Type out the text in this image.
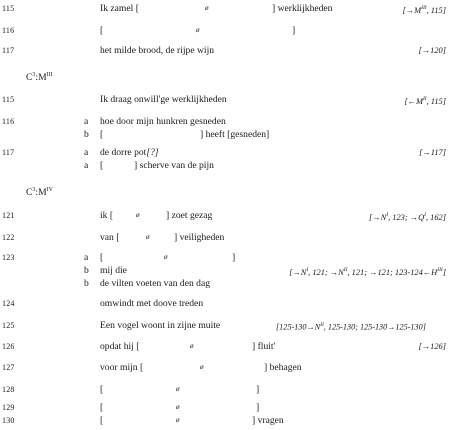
115	Ik zamel [	ø	] werklijkheden	[$\to M^{III}$, 115]
116	[	ø	]
117	het milde brood, de rijpe wijn	[→120]
$C^3:M^{III}$
115	Ik draag onwill'ge werklijkheden	[$\leftarrow M^{II}$, 115]
116	a hoe door mijn hunkren gesneden
b [	] heeft [gesneden]
117	a de dorre pot[?]	[→117]
a [	] scherve van de pijn
$C^3:M^{IV}$
121	ik [	ø	] zoet gezag	[$\to N^I$, 123; $\to Q^I$, 162]
122	van [	ø	] veiligheden
123	a [	ø	]
b mij die	[$\to N^I$, 121; $\to N^{II}$, 121; →121; $123-124\leftarrow H^{III}$]
b de vilten voeten van den dag
124	omwindt met doove treden
125	Een vogel woont in zijne muite	[$125-130\to N^{II}$, 125-130; 125-130→125-130]
126	opdat hij [	ø	] fluit'	[→126]
127	voor mijn [	ø	] behagen
128	[	ø	]
129	[	ø	]
130	[	ø	] vragen
